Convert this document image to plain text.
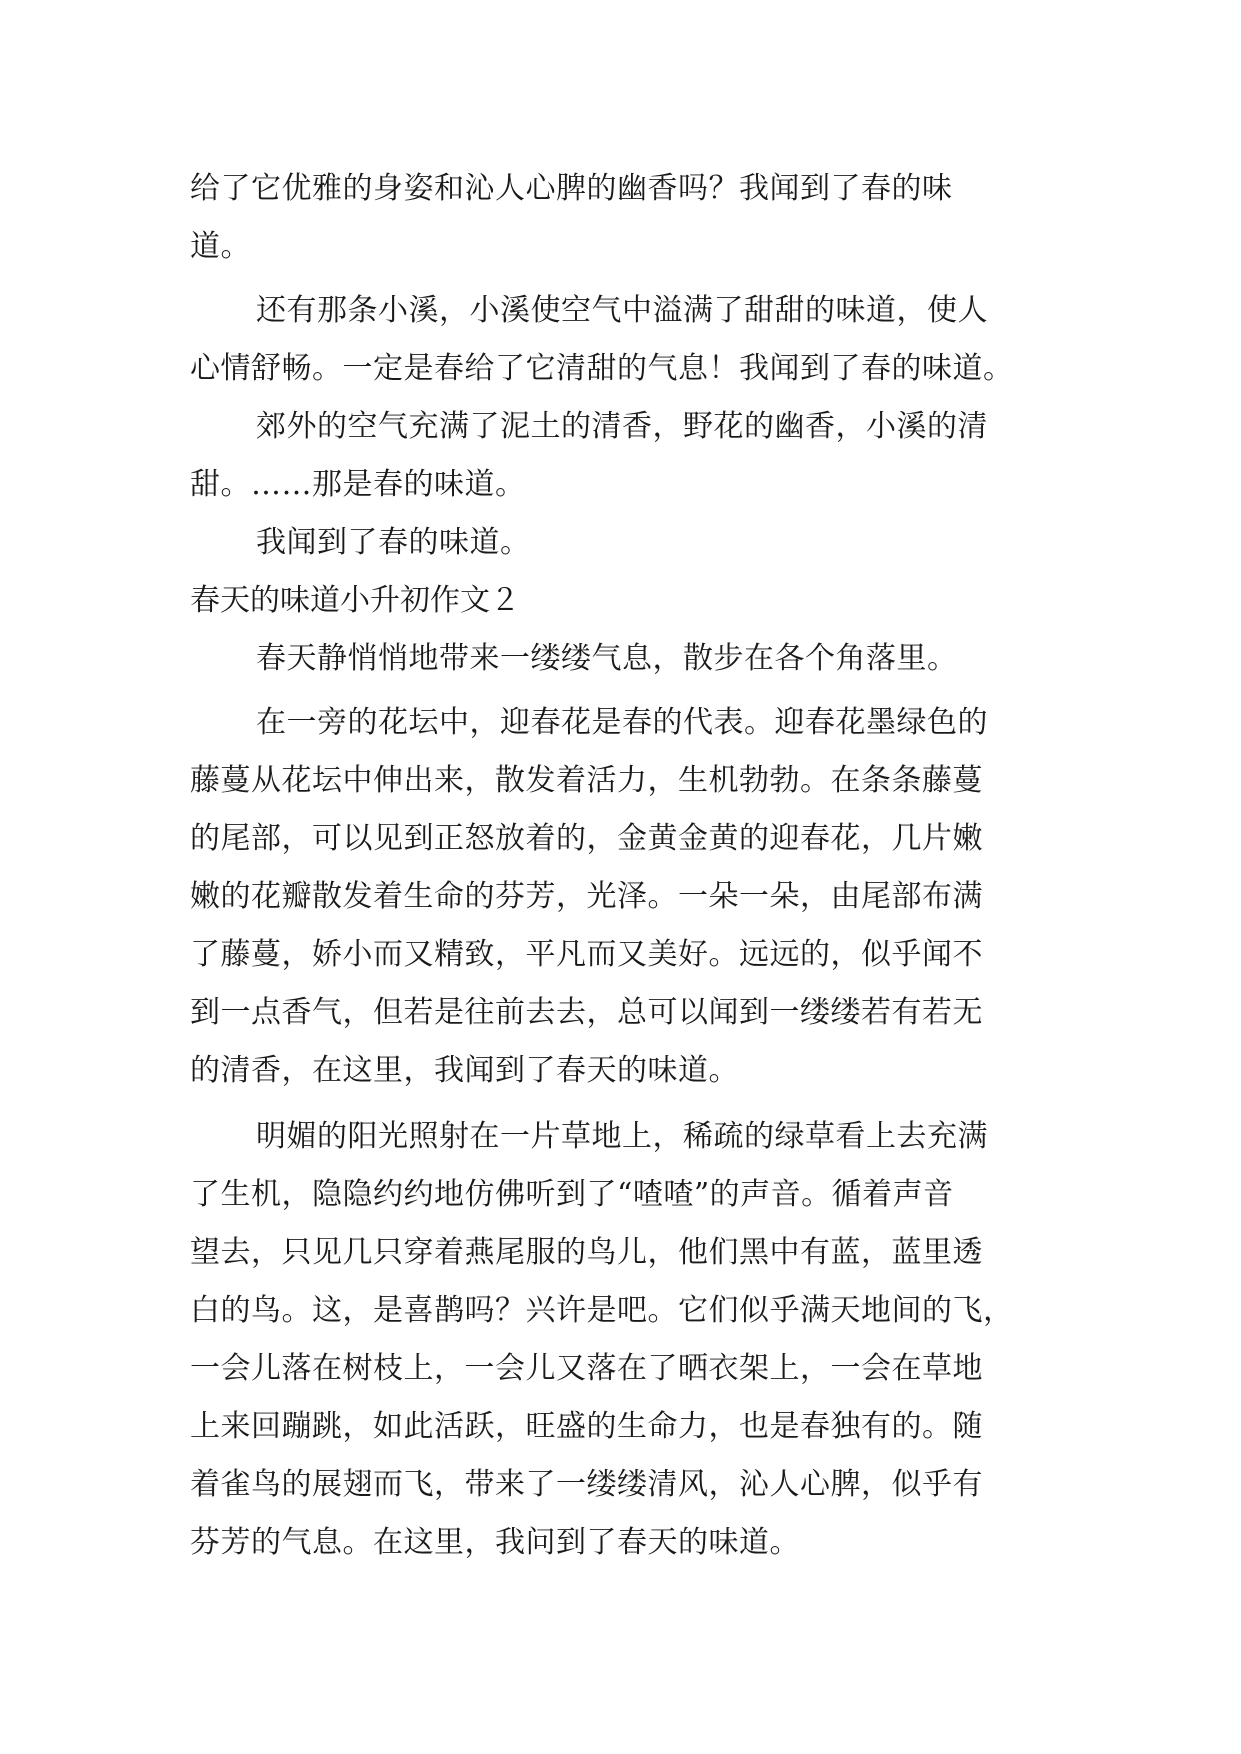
给了它优雅的身姿和沁人心脾的幽香吗？我闻到了春的味
道。
还有那条小溪，小溪使空气中溢满了甜甜的味道，使人
心情舒畅。一定是春给了它清甜的气息！我闻到了春的味道。
郊外的空气充满了泥土的清香，野花的幽香，小溪的清
甜。……那是春的味道。
我闻到了春的味道。
春天的味道小升初作文２
春天静悄悄地带来一缕缕气息，散步在各个角落里。
在一旁的花坛中，迎春花是春的代表。迎春花墨绿色的
藤蔓从花坛中伸出来，散发着活力，生机勃勃。在条条藤蔓
的尾部，可以见到正怒放着的，金黄金黄的迎春花，几片嫩
嫩的花瓣散发着生命的芬芳，光泽。一朵一朵，由尾部布满
了藤蔓，娇小而又精致，平凡而又美好。远远的，似乎闻不
到一点香气，但若是往前去去，总可以闻到一缕缕若有若无
的清香，在这里，我闻到了春天的味道。
明媚的阳光照射在一片草地上，稀疏的绿草看上去充满
了生机，隐隐约约地仿佛听到了“喳喳”的声音。循着声音
望去，只见几只穿着燕尾服的鸟儿，他们黑中有蓝，蓝里透
白的鸟。这，是喜鹊吗？兴许是吧。它们似乎满天地间的飞，
一会儿落在树枝上，一会儿又落在了晒衣架上，一会在草地
上来回蹦跳，如此活跃，旺盛的生命力，也是春独有的。随
着雀鸟的展翅而飞，带来了一缕缕清风，沁人心脾，似乎有
芬芳的气息。在这里，我问到了春天的味道。
